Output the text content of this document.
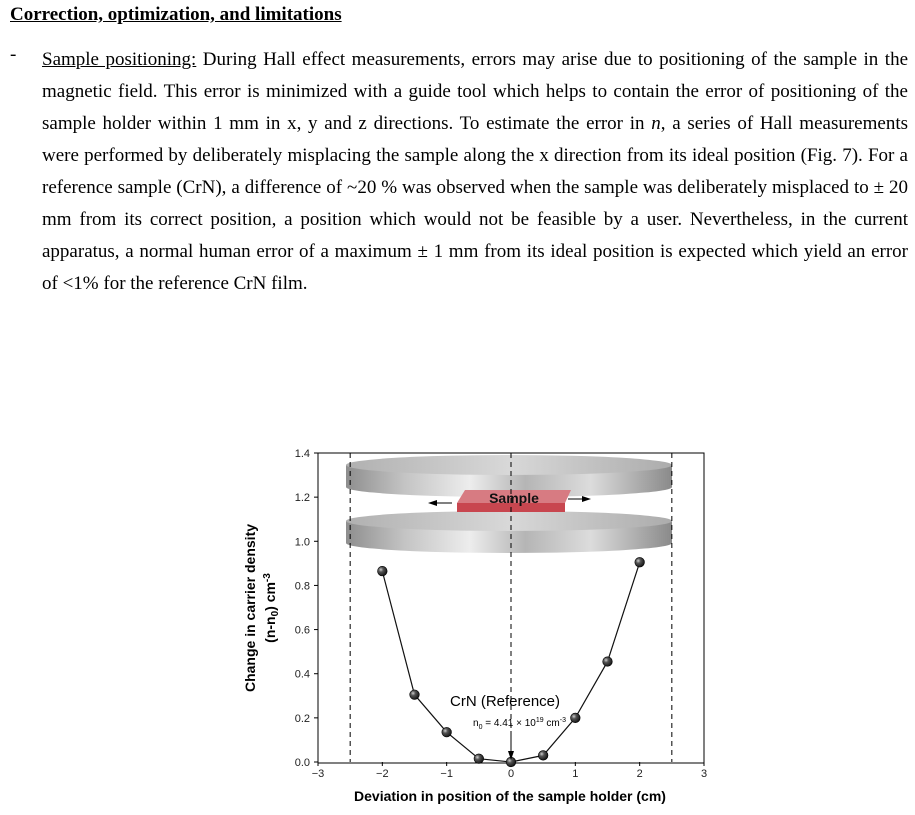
Correction, optimization, and limitations
- Sample positioning: During Hall effect measurements, errors may arise due to positioning of the sample in the magnetic field. This error is minimized with a guide tool which helps to contain the error of positioning of the sample holder within 1 mm in x, y and z directions. To estimate the error in n, a series of Hall measurements were performed by deliberately misplacing the sample along the x direction from its ideal position (Fig. 7). For a reference sample (CrN), a difference of ~20 % was observed when the sample was deliberately misplaced to ± 20 mm from its correct position, a position which would not be feasible by a user. Nevertheless, in the current apparatus, a normal human error of a maximum ± 1 mm from its ideal position is expected which yield an error of <1% for the reference CrN film.
Sample
−3	−2	−1	0	1	2	3
0.0
0.2
0.4
0.6
0.8
1.0
1.2
1.4
CrN (Reference)
$n_0 = 4.41 \times 10^{19}$ $cm^{-3}$
Deviation in position of the sample holder (cm)
Change in carrier density $(n-n_0)$ $cm^{-3}$
